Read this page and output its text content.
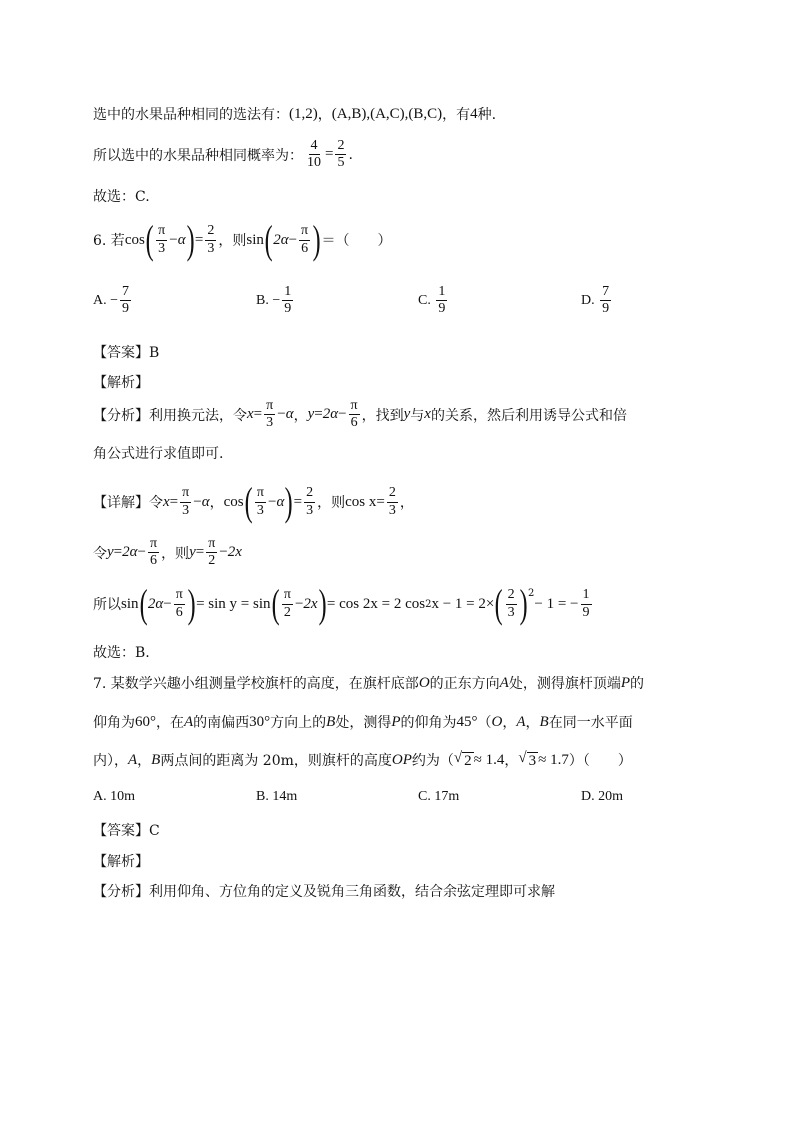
选中的水果品种相同的选法有： (1,2) ， (A,B),(A,C),(B,C) ，有 4 种.
所以选中的水果品种相同概率为： $\frac{4}{10} = \frac{2}{5}$ .
故选：C.
6. 若 cos ( $\frac{\pi}{3} - \alpha$ ) = $\frac{2}{3}$ ，则 sin ( $2\alpha - \frac{\pi}{6}$ ) ＝（　　）
A.
− $\frac{7}{9}$	B.
− $\frac{1}{9}$	C.
$\frac{1}{9}$	D.
$\frac{7}{9}$
【答案】B
【解析】
【分析】利用换元法，令 $x = \frac{\pi}{3} - \alpha$ ， $y = 2\alpha - \frac{\pi}{6}$ ，找到 y 与 x 的关系，然后利用诱导公式和倍
角公式进行求值即可.
【详解】令 $x = \frac{\pi}{3} - \alpha$ ， cos ( $\frac{\pi}{3} - \alpha$ ) = $\frac{2}{3}$ ，则 $\cos x = \frac{2}{3}$ ，
令 $y = 2\alpha - \frac{\pi}{6}$ ，则 $y = \frac{\pi}{2} - 2x$
所以 sin ( $2\alpha - \frac{\pi}{6}$ ) = sin y = sin ( $\frac{\pi}{2} - 2x$ ) = cos 2x = 2 cos 2 x − 1 = 2× ( $\frac{2}{3} )^2$
− 1 = − $\frac{1}{9}$
故选：B.
7. 某数学兴趣小组测量学校旗杆的高度，在旗杆底部 O 的正东方向 A 处，测得旗杆顶端 P 的
仰角为 60° ，在 A 的南偏西 30° 方向上的 B 处，测得 P 的仰角为 45° （ O ， A ， B 在同一水平面
内）， A ， B 两点间的距离为 20m，则旗杆的高度 OP 约为（ √ 2 ≈ 1.4 ， √ 3 ≈ 1.7 ）（　　）
A. 10m	B. 14m	C. 17m	D. 20m
【答案】C
【解析】
【分析】利用仰角、方位角的定义及锐角三角函数，结合余弦定理即可求解
